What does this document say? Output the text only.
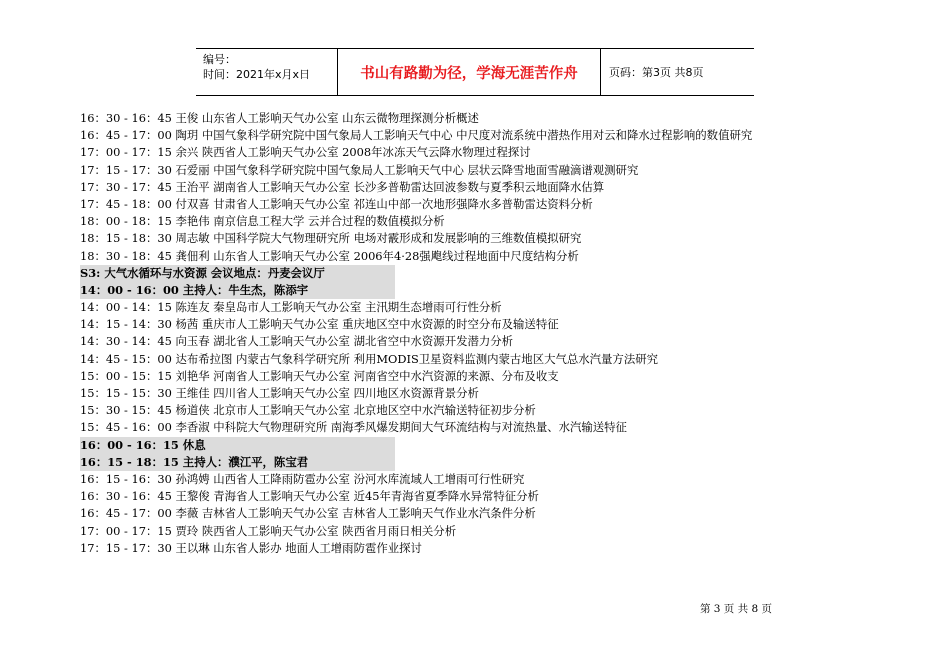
编号：
时间：2021年x月x日	书山有路勤为径，学海无涯苦作舟	页码：第3页 共8页
16：30 - 16：45 王俊 山东省人工影响天气办公室 山东云微物理探测分析概述
16：45 - 17：00 陶玥 中国气象科学研究院中国气象局人工影响天气中心 中尺度对流系统中潜热作用对云和降水过程影响的数值研究
17：00 - 17：15 余兴 陕西省人工影响天气办公室 2008年冰冻天气云降水物理过程探讨
17：15 - 17：30 石爱丽 中国气象科学研究院中国气象局人工影响天气中心 层状云降雪地面雪融滴谱观测研究
17：30 - 17：45 王治平 湖南省人工影响天气办公室 长沙多普勒雷达回波参数与夏季积云地面降水估算
17：45 - 18：00 付双喜 甘肃省人工影响天气办公室 祁连山中部一次地形强降水多普勒雷达资料分析
18：00 - 18：15 李艳伟 南京信息工程大学 云并合过程的数值模拟分析
18：15 - 18：30 周志敏 中国科学院大气物理研究所 电场对霰形成和发展影响的三维数值模拟研究
18：30 - 18：45 龚佃利 山东省人工影响天气办公室 2006年4·28强飑线过程地面中尺度结构分析
S3: 大气水循环与水资源 会议地点：丹麦会议厅
14：00 - 16：00 主持人：牛生杰，陈添宇
14：00 - 14：15 陈连友 秦皇岛市人工影响天气办公室 主汛期生态增雨可行性分析
14：15 - 14：30 杨茜 重庆市人工影响天气办公室 重庆地区空中水资源的时空分布及输送特征
14：30 - 14：45 向玉春 湖北省人工影响天气办公室 湖北省空中水资源开发潜力分析
14：45 - 15：00 达布希拉图 内蒙古气象科学研究所 利用MODIS卫星资料监测内蒙古地区大气总水汽量方法研究
15：00 - 15：15 刘艳华 河南省人工影响天气办公室 河南省空中水汽资源的来源、分布及收支
15：15 - 15：30 王维佳 四川省人工影响天气办公室 四川地区水资源背景分析
15：30 - 15：45 杨道侠 北京市人工影响天气办公室 北京地区空中水汽输送特征初步分析
15：45 - 16：00 李香淑 中科院大气物理研究所 南海季风爆发期间大气环流结构与对流热量、水汽输送特征
16：00 - 16：15 休息
16：15 - 18：15 主持人：濮江平，陈宝君
16：15 - 16：30 孙鸿娉 山西省人工降雨防雹办公室 汾河水库流域人工增雨可行性研究
16：30 - 16：45 王黎俊 青海省人工影响天气办公室 近45年青海省夏季降水异常特征分析
16：45 - 17：00 李薇 吉林省人工影响天气办公室 吉林省人工影响天气作业水汽条件分析
17：00 - 17：15 贾玲 陕西省人工影响天气办公室 陕西省月雨日相关分析
17：15 - 17：30 王以琳 山东省人影办 地面人工增雨防雹作业探讨
第 3 页 共 8 页
